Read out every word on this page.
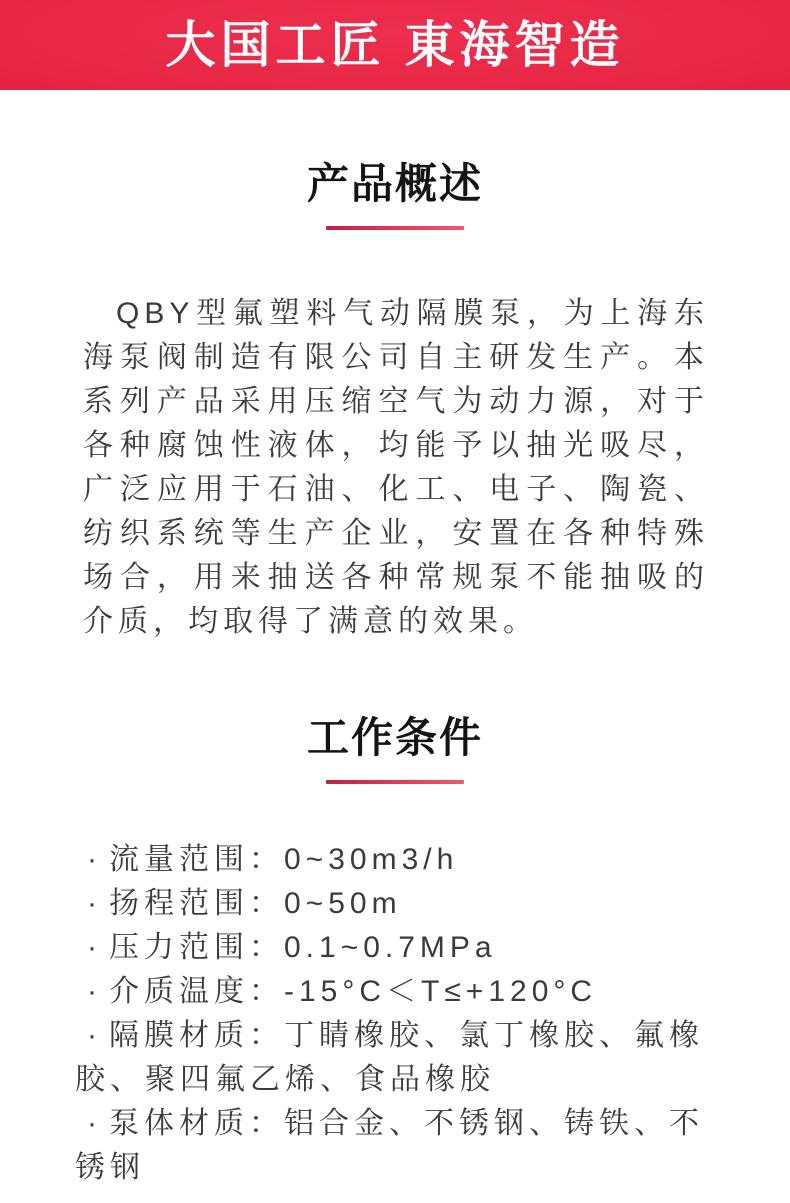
大国工匠 東海智造
产品概述

QBY型氟塑料气动隔膜泵，为上海东海泵阀制造有限公司自主研发生产。本系列产品采用压缩空气为动力源，对于各种腐蚀性液体，均能予以抽光吸尽，广泛应用于石油、化工、电子、陶瓷、纺织系统等生产企业，安置在各种特殊场合，用来抽送各种常规泵不能抽吸的介质，均取得了满意的效果。

工作条件

· 流量范围：0~30m3/h

· 扬程范围：0~50m

· 压力范围：0.1~0.7MPa

· 介质温度：-15°C＜T≤+120°C

· 隔膜材质：丁睛橡胶、氯丁橡胶、氟橡胶、聚四氟乙烯、食品橡胶

· 泵体材质：铝合金、不锈钢、铸铁、不锈钢
